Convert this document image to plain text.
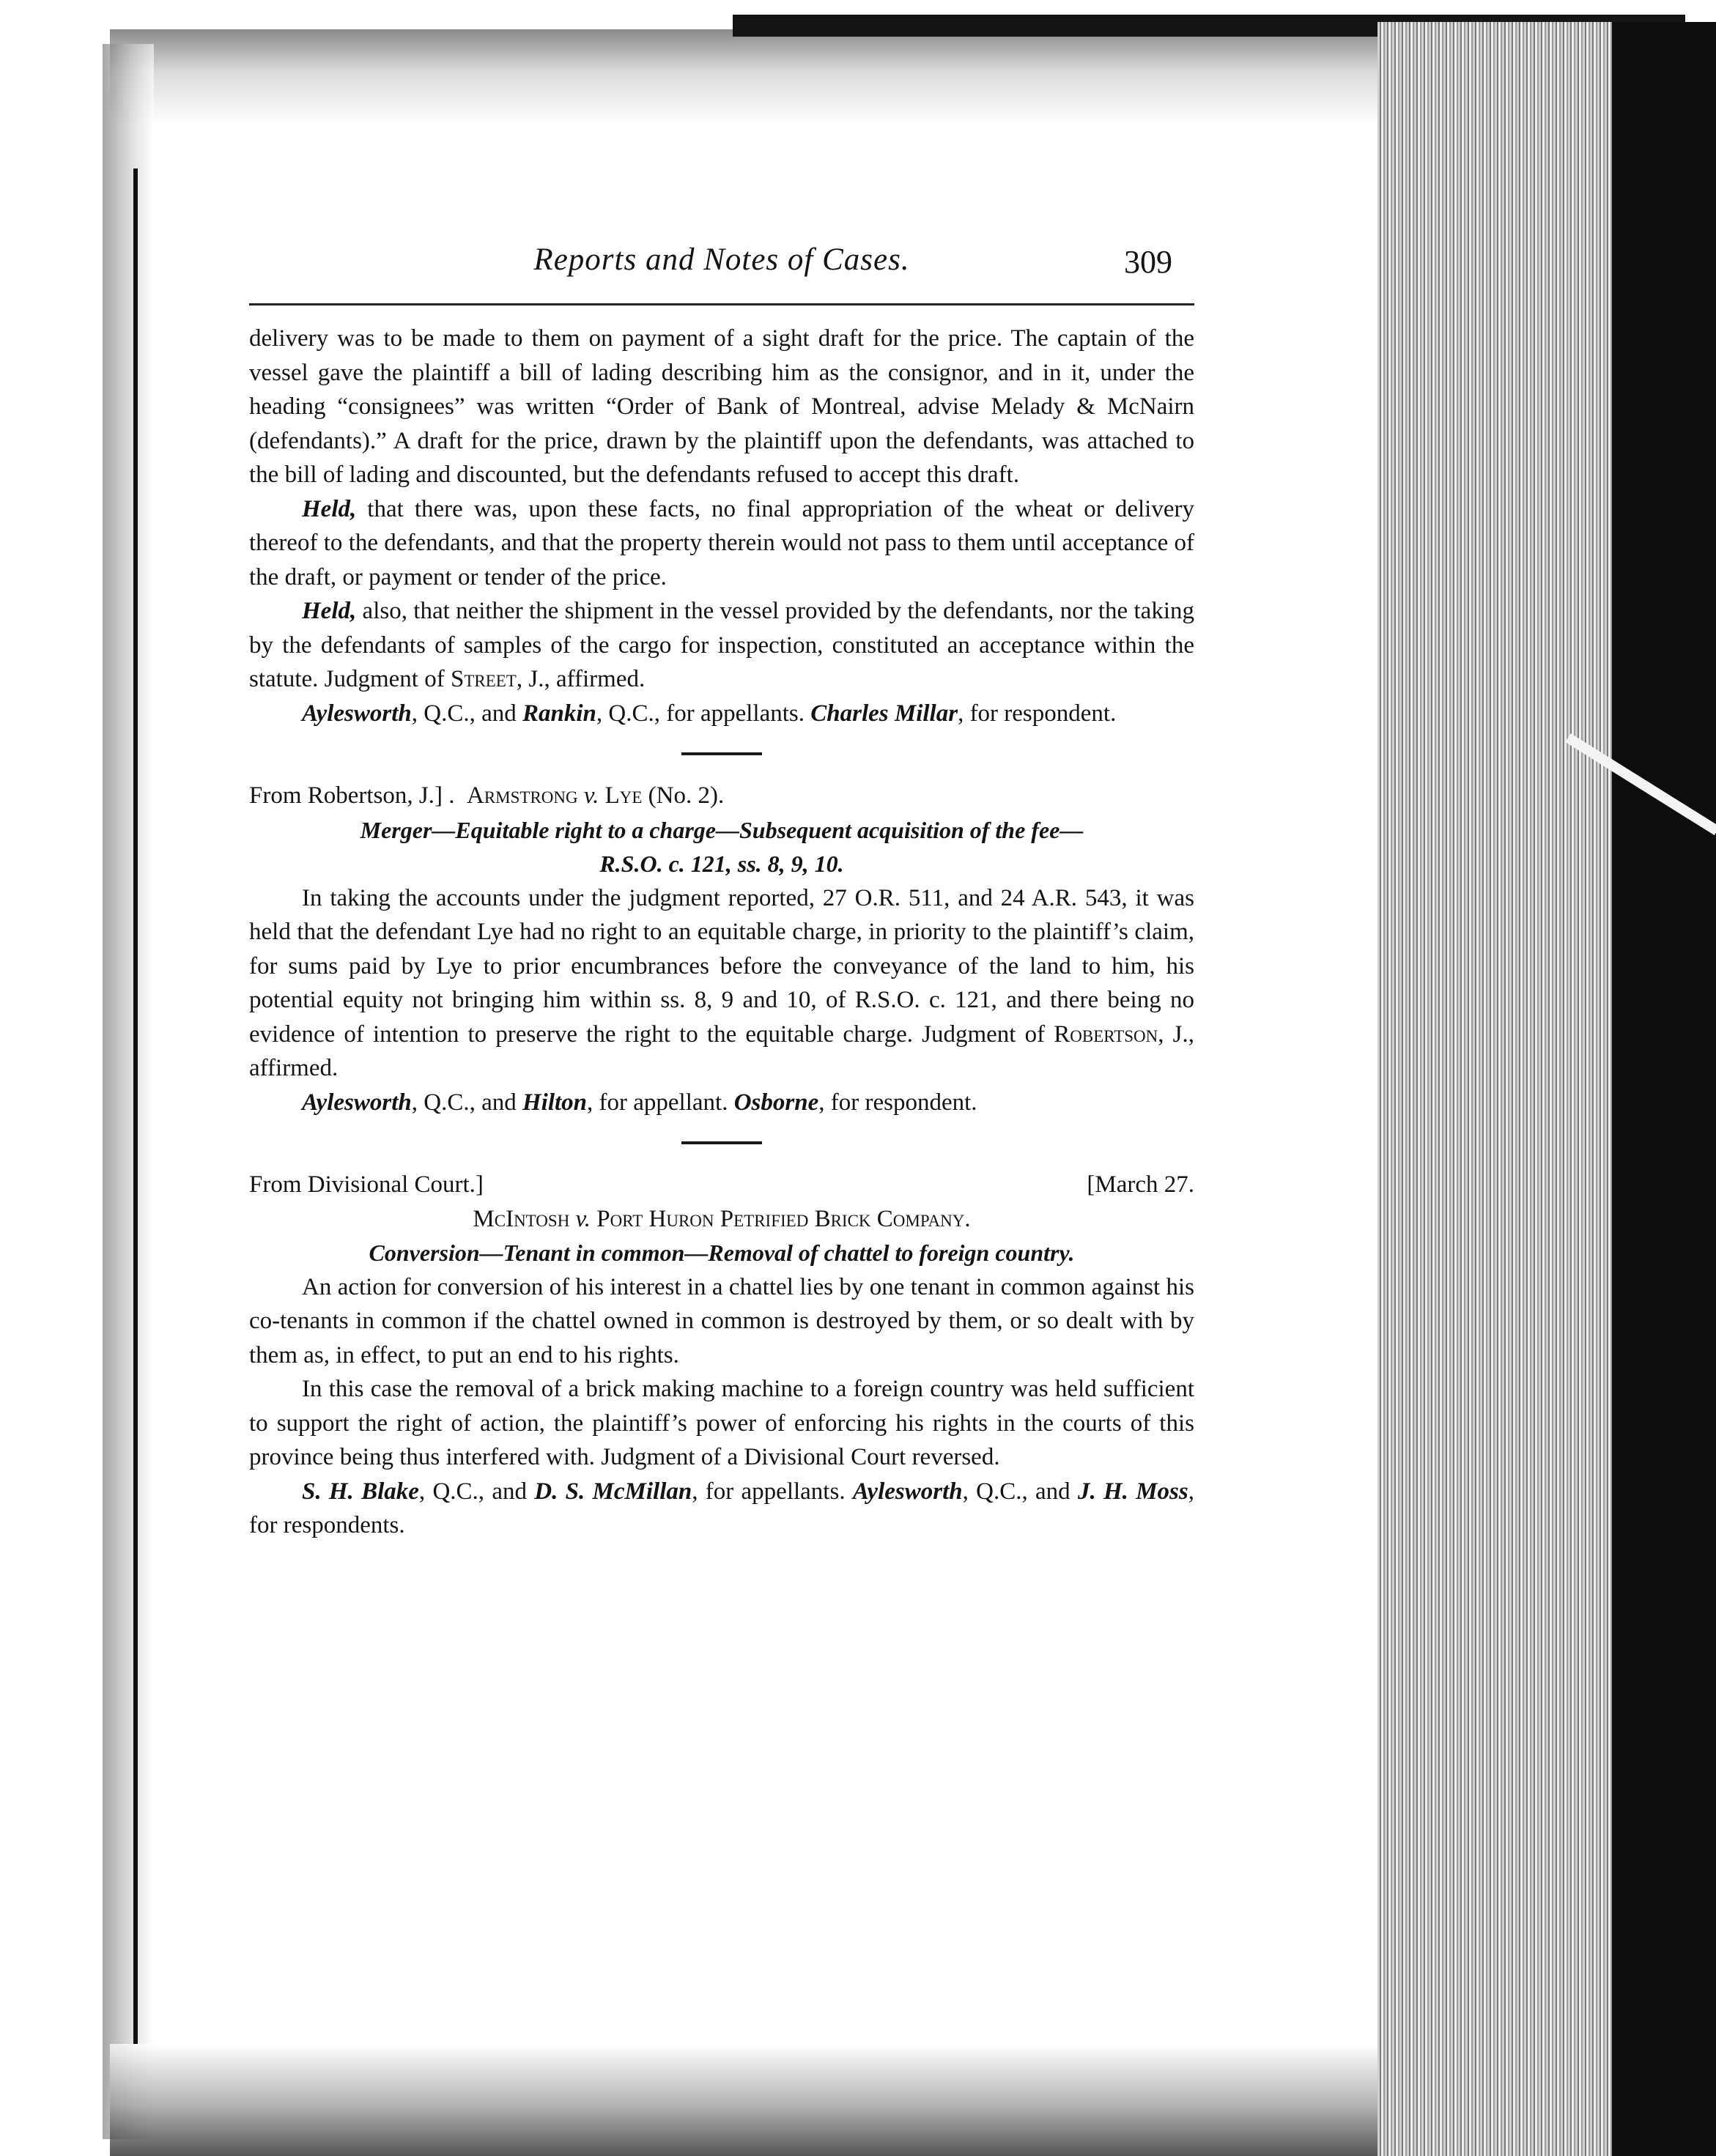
Reports and Notes of Cases.	309

delivery was to be made to them on payment of a sight draft for the price. The captain of the vessel gave the plaintiff a bill of lading describing him as the consignor, and in it, under the heading “consignees” was written “Order of Bank of Montreal, advise Melady & McNairn (defendants).” A draft for the price, drawn by the plaintiff upon the defendants, was attached to the bill of lading and discounted, but the defendants refused to accept this draft.

Held, that there was, upon these facts, no final appropriation of the wheat or delivery thereof to the defendants, and that the property therein would not pass to them until acceptance of the draft, or payment or tender of the price.

Held, also, that neither the shipment in the vessel provided by the defendants, nor the taking by the defendants of samples of the cargo for inspection, constituted an acceptance within the statute. Judgment of Street, J., affirmed.

Aylesworth, Q.C., and Rankin, Q.C., for appellants. Charles Millar, for respondent.

From Robertson, J.] . Armstrong v. Lye (No. 2).

Merger—Equitable right to a charge—Subsequent acquisition of the fee—

R.S.O. c. 121, ss. 8, 9, 10.

In taking the accounts under the judgment reported, 27 O.R. 511, and 24 A.R. 543, it was held that the defendant Lye had no right to an equitable charge, in priority to the plaintiff’s claim, for sums paid by Lye to prior encumbrances before the conveyance of the land to him, his potential equity not bringing him within ss. 8, 9 and 10, of R.S.O. c. 121, and there being no evidence of intention to preserve the right to the equitable charge. Judgment of Robertson, J., affirmed.

Aylesworth, Q.C., and Hilton, for appellant. Osborne, for respondent.

From Divisional Court.]	[March 27.

McIntosh v. Port Huron Petrified Brick Company.

Conversion—Tenant in common—Removal of chattel to foreign country.

An action for conversion of his interest in a chattel lies by one tenant in common against his co-tenants in common if the chattel owned in common is destroyed by them, or so dealt with by them as, in effect, to put an end to his rights.

In this case the removal of a brick making machine to a foreign country was held sufficient to support the right of action, the plaintiff’s power of enforcing his rights in the courts of this province being thus interfered with. Judgment of a Divisional Court reversed.

S. H. Blake, Q.C., and D. S. McMillan, for appellants. Aylesworth, Q.C., and J. H. Moss, for respondents.
